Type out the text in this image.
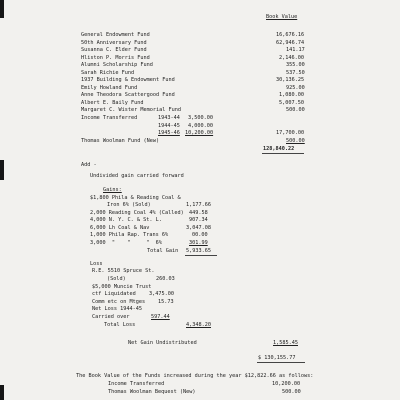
Book Value
General Endowment Fund	16,676.16
50th Anniversary Fund	62,946.74
Susanna C. Elder Fund	141.17
Hliston P. Morris Fund	2,146.00
Alumni Scholarship Fund	355.00
Sarah Richie Fund	537.50
1937 Building & Endowment Fund	30,136.25
Emily Howland Fund	925.00
Anne Theodora Scattergood Fund	1,080.00
Albert E. Baily Fund	5,007.50
Margaret C. Wister Memorial Fund	500.00
Income Transferred	1943-44 3,500.00
1944-45 4,000.00
1945-46 10,200.00	17,700.00
Thomas Woolman Fund (New)	500.00
128,840.22
Add -
Undivided gain carried forward
Gains:
$1,800 Phila & Reading Coal &
Iron 6% (Sold)	1,177.66
2,000 Reading Coal 4% (Called) 449.58
4,000 N. Y. C. & St. L.	907.34
6,000 Lh Coal & Nav	3,047.08
1,000 Phila Rap. Trans 6%	00.00
3,000  "    "     "  6%	301.99
Total Gain 5,933.65
Loss
R.E. 5510 Spruce St.
(Sold)	260.03
$5,000 Muncie Trust
ctf Liquidated	3,475.00
Comm etc on Mtges 15.73
Net Loss 1944-45
Carried over	597.44
Total Loss	4,348.20
Net Gain Undistributed	1,585.45
$ 130,155.77
The Book Value of the Funds increased during the year $12,822.66 as follows:
Income Transferred	10,200.00
Thomas Woolman Bequest (New)	500.00
